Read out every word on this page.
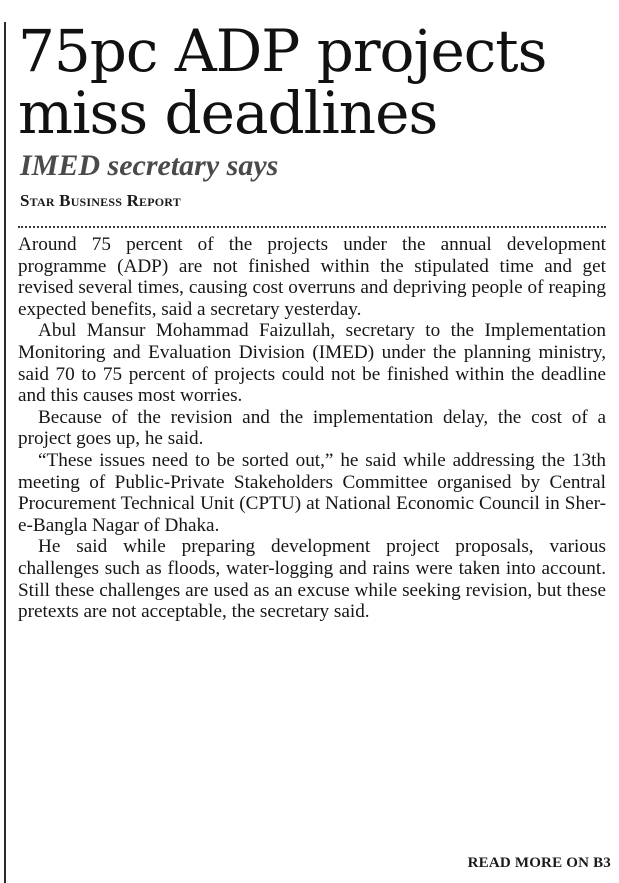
75pc ADP projects miss deadlines
IMED secretary says
Star Business Report

Around 75 percent of the projects under the annual development programme (ADP) are not finished within the stipulated time and get revised several times, causing cost overruns and depriving people of reaping expected benefits, said a secretary yesterday.

Abul Mansur Mohammad Faizullah, secretary to the Implementation Monitoring and Evaluation Division (IMED) under the planning ministry, said 70 to 75 percent of projects could not be finished within the deadline and this causes most worries.

Because of the revision and the implementation delay, the cost of a project goes up, he said.

“These issues need to be sorted out,” he said while addressing the 13th meeting of Public-Private Stakeholders Committee organised by Central Procurement Technical Unit (CPTU) at National Economic Council in Sher-e-Bangla Nagar of Dhaka.

He said while preparing development project proposals, various challenges such as floods, water-logging and rains were taken into account. Still these challenges are used as an excuse while seeking revision, but these pretexts are not acceptable, the secretary said.

READ MORE ON B3
